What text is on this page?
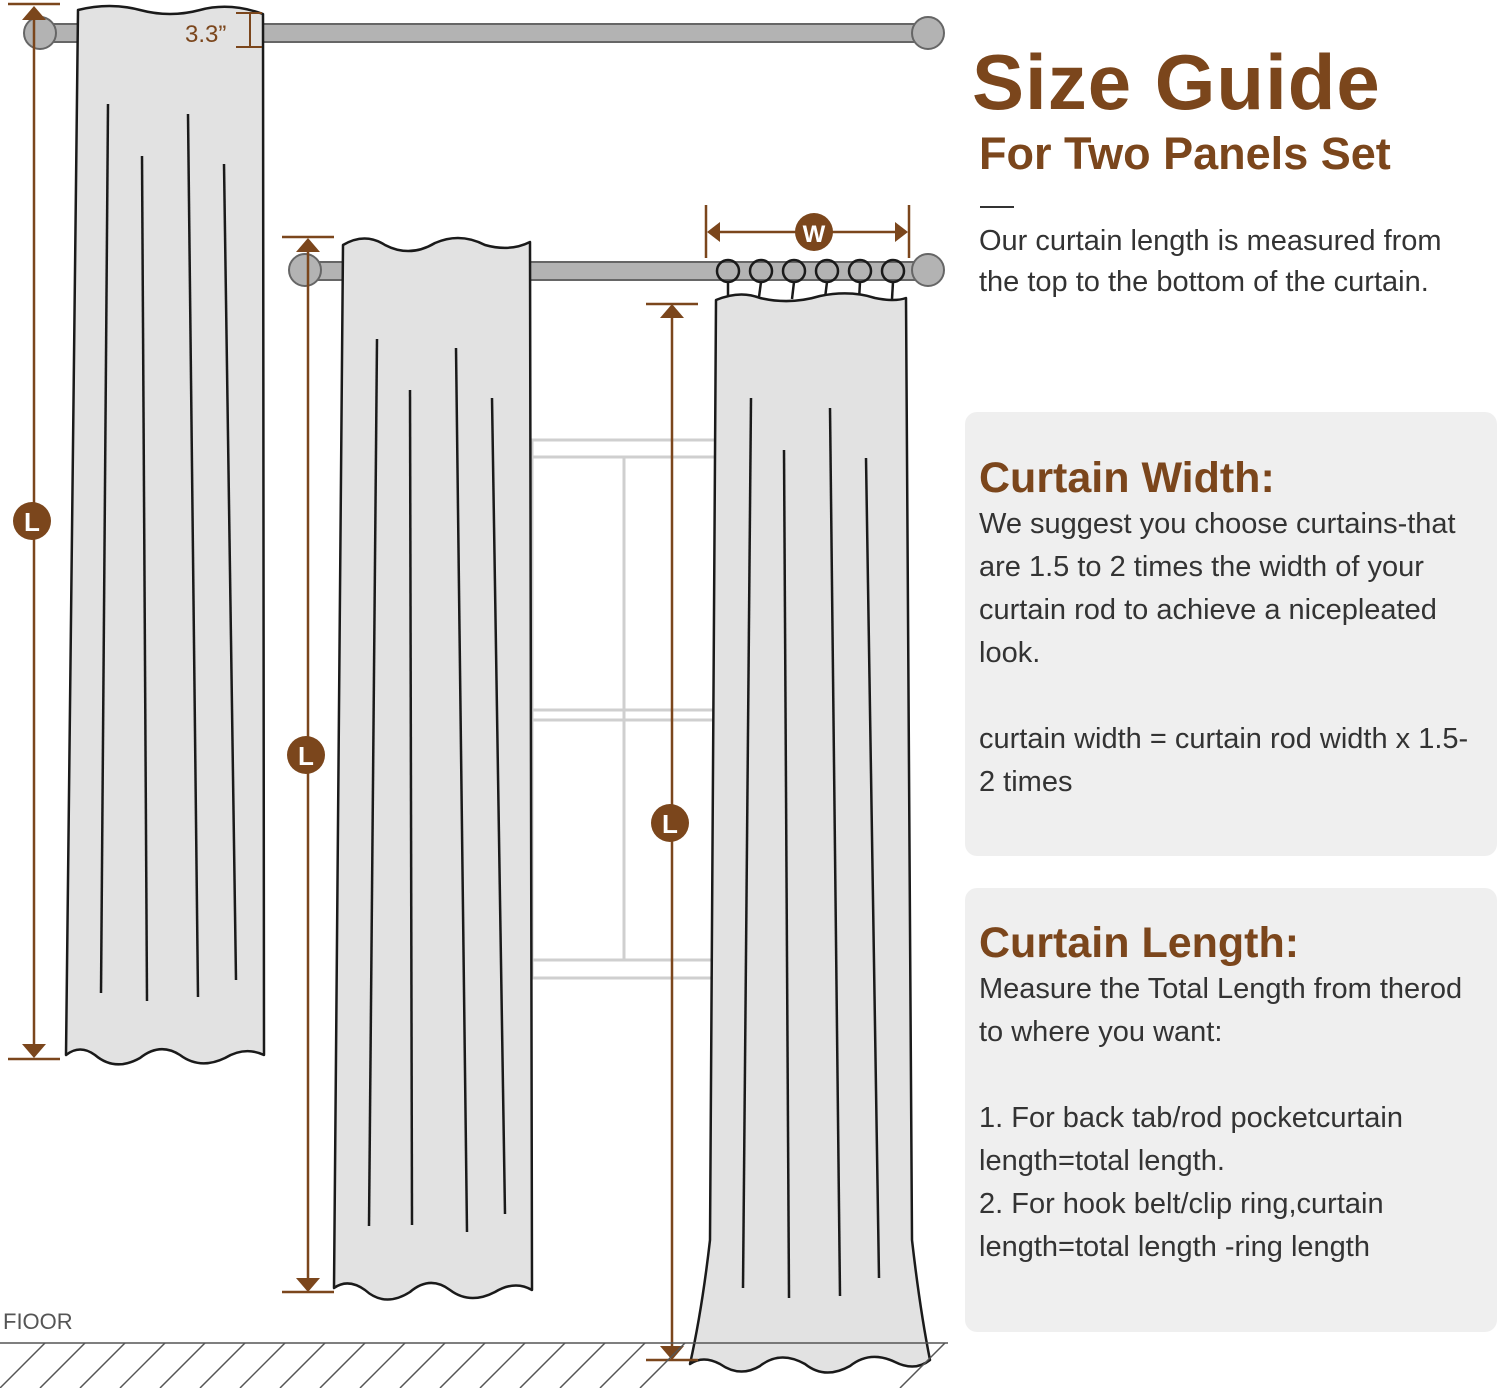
L
3.3”
L
L
W

FIOOR

Size Guide
For Two Panels Set

Our curtain length is measured from the top to the bottom of the curtain.

Curtain Width:

We suggest you choose curtains-that are 1.5 to 2 times the width of your curtain rod to achieve a nicepleated look.

curtain width = curtain rod width x 1.5-2 times

Curtain Length:

Measure the Total Length from therod to where you want:

1. For back tab/rod pocketcurtain length=total length.

2. For hook belt/clip ring,curtain length=total length -ring length
